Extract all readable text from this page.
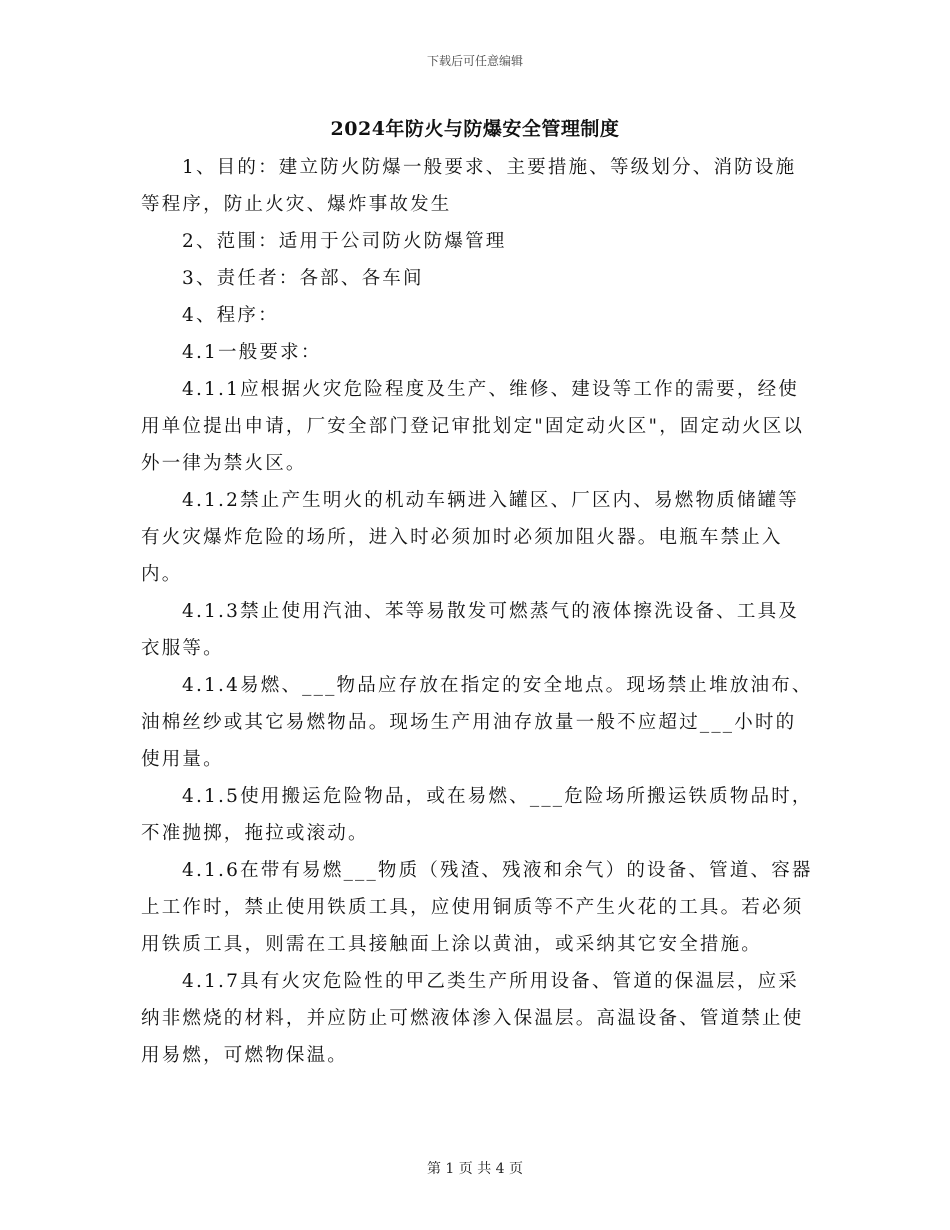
下载后可任意编辑
2024年防火与防爆安全管理制度

1、目的：建立防火防爆一般要求、主要措施、等级划分、消防设施等程序，防止火灾、爆炸事故发生

2、范围：适用于公司防火防爆管理

3、责任者：各部、各车间

4、程序：

4.1一般要求：

4.1.1应根据火灾危险程度及生产、维修、建设等工作的需要，经使用单位提出申请，厂安全部门登记审批划定"固定动火区"，固定动火区以外一律为禁火区。

4.1.2禁止产生明火的机动车辆进入罐区、厂区内、易燃物质储罐等有火灾爆炸危险的场所，进入时必须加时必须加阻火器。电瓶车禁止入内。

4.1.3禁止使用汽油、苯等易散发可燃蒸气的液体擦洗设备、工具及衣服等。

4.1.4易燃、___物品应存放在指定的安全地点。现场禁止堆放油布、油棉丝纱或其它易燃物品。现场生产用油存放量一般不应超过___小时的使用量。

4.1.5使用搬运危险物品，或在易燃、___危险场所搬运铁质物品时，不准抛掷，拖拉或滚动。

4.1.6在带有易燃___物质（残渣、残液和余气）的设备、管道、容器上工作时，禁止使用铁质工具，应使用铜质等不产生火花的工具。若必须用铁质工具，则需在工具接触面上涂以黄油，或采纳其它安全措施。

4.1.7具有火灾危险性的甲乙类生产所用设备、管道的保温层，应采纳非燃烧的材料，并应防止可燃液体渗入保温层。高温设备、管道禁止使用易燃，可燃物保温。

第 1 页 共 4 页
